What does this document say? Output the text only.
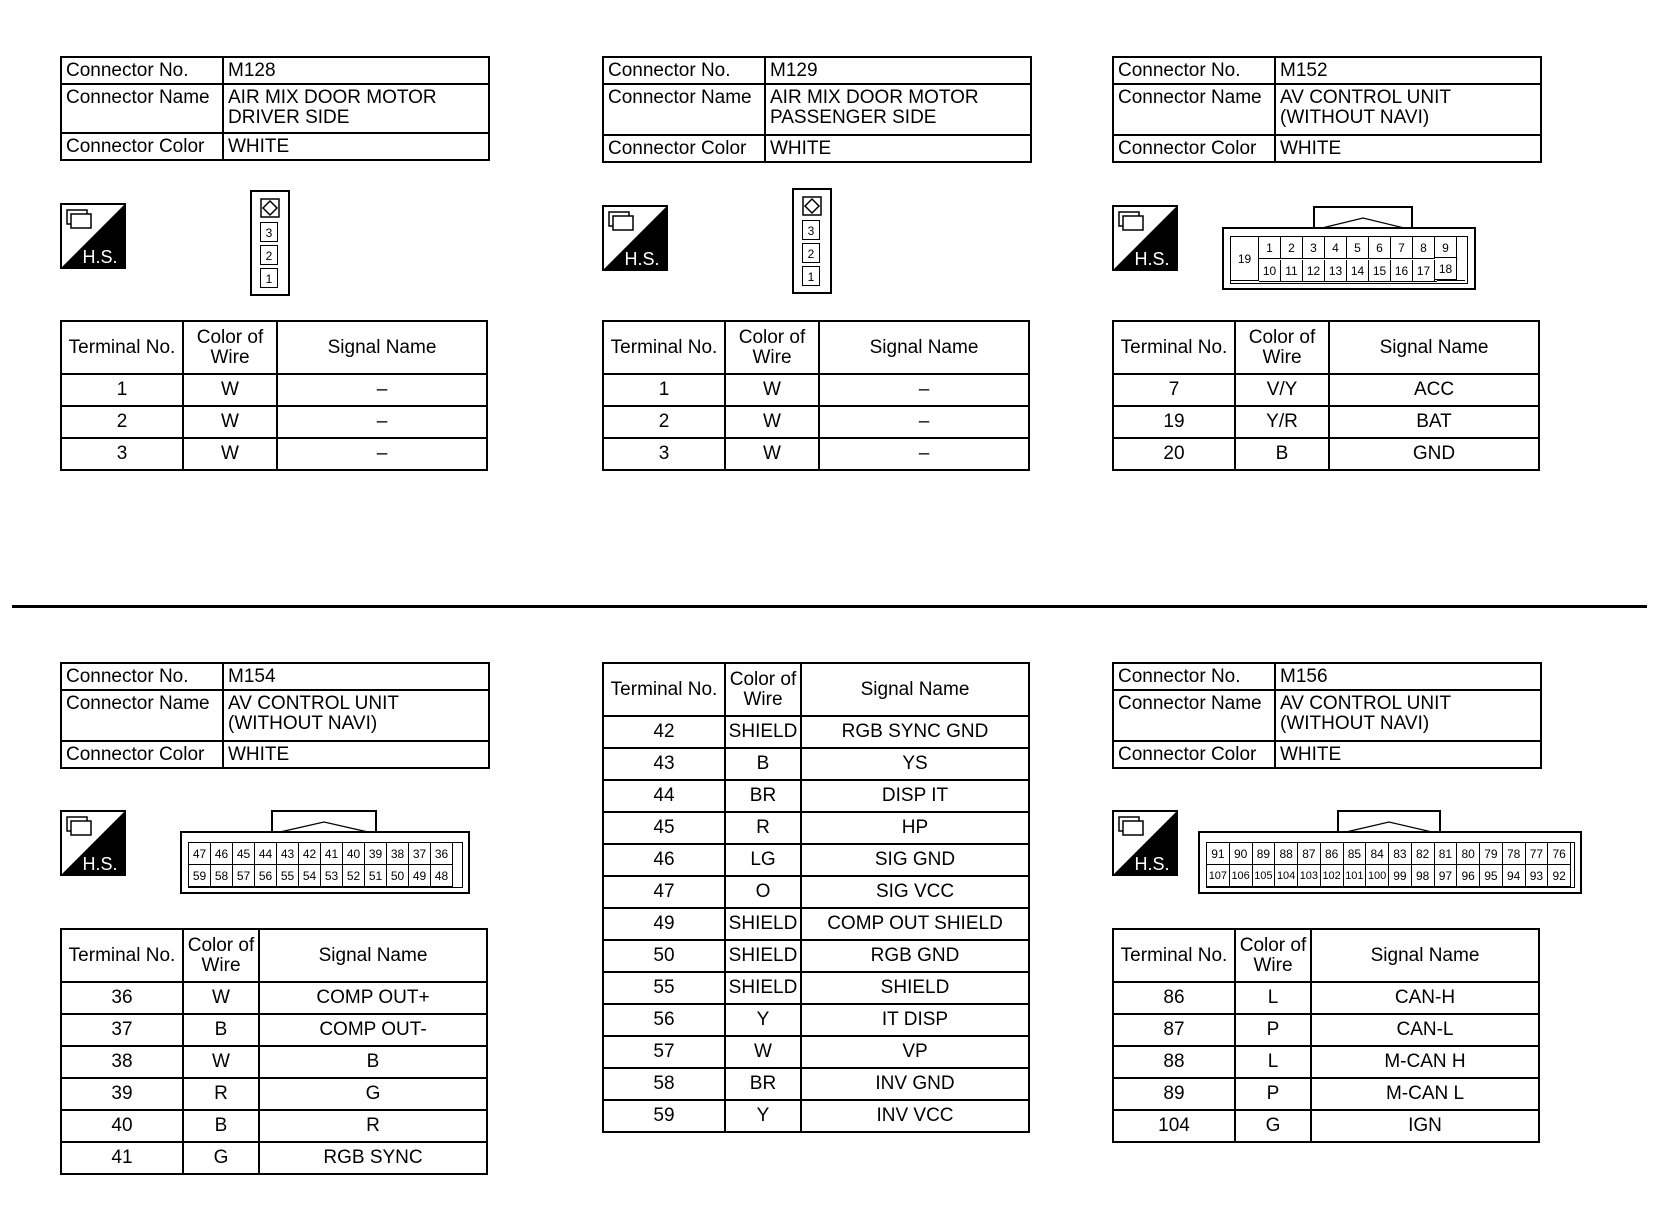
Connector No.	M128
Connector Name	AIR MIX DOOR MOTOR DRIVER SIDE
Connector Color	WHITE
H.S.
3
2
1
Terminal No.	Color of Wire	Signal Name
1	W	–
2	W	–
3	W	–
Connector No.	M129
Connector Name	AIR MIX DOOR MOTOR PASSENGER SIDE
Connector Color	WHITE
H.S.
3
2
1
Terminal No.	Color of Wire	Signal Name
1	W	–
2	W	–
3	W	–
Connector No.	M152
Connector Name	AV CONTROL UNIT (WITHOUT NAVI)
Connector Color	WHITE
H.S.	19
1	2	3	4	5	6	7	8
10 11 12 13 14 15 16 17
9
18
Terminal No.	Color of Wire	Signal Name
7	V/Y	ACC
19	Y/R	BAT
20	B	GND
Connector No.	M154
Connector Name	AV CONTROL UNIT (WITHOUT NAVI)
Connector Color	WHITE
H.S.	47 46 45 44 43 42 41 40 39 38 37 36
59 58 57 56 55 54 53 52 51 50 49 48
Terminal No.	Color of Wire	Signal Name
36	W	COMP OUT+
37	B	COMP OUT-
38	W	B
39	R	G
40	B	R
41	G	RGB SYNC
Terminal No.	Color of Wire	Signal Name
42	SHIELD	RGB SYNC GND
43	B	YS
44	BR	DISP IT
45	R	HP
46	LG	SIG GND
47	O	SIG VCC
49	SHIELD	COMP OUT SHIELD
50	SHIELD	RGB GND
55	SHIELD	SHIELD
56	Y	IT DISP
57	W	VP
58	BR	INV GND
59	Y	INV VCC
Connector No.	M156
Connector Name	AV CONTROL UNIT (WITHOUT NAVI)
Connector Color	WHITE
H.S.	91 90 89 88 87 86 85 84 83 82 81 80 79 78 77 76
107 106 105 104 103 102 101 100 99 98 97 96 95 94 93 92
Terminal No.	Color of Wire	Signal Name
86	L	CAN-H
87	P	CAN-L
88	L	M-CAN H
89	P	M-CAN L
104	G	IGN
